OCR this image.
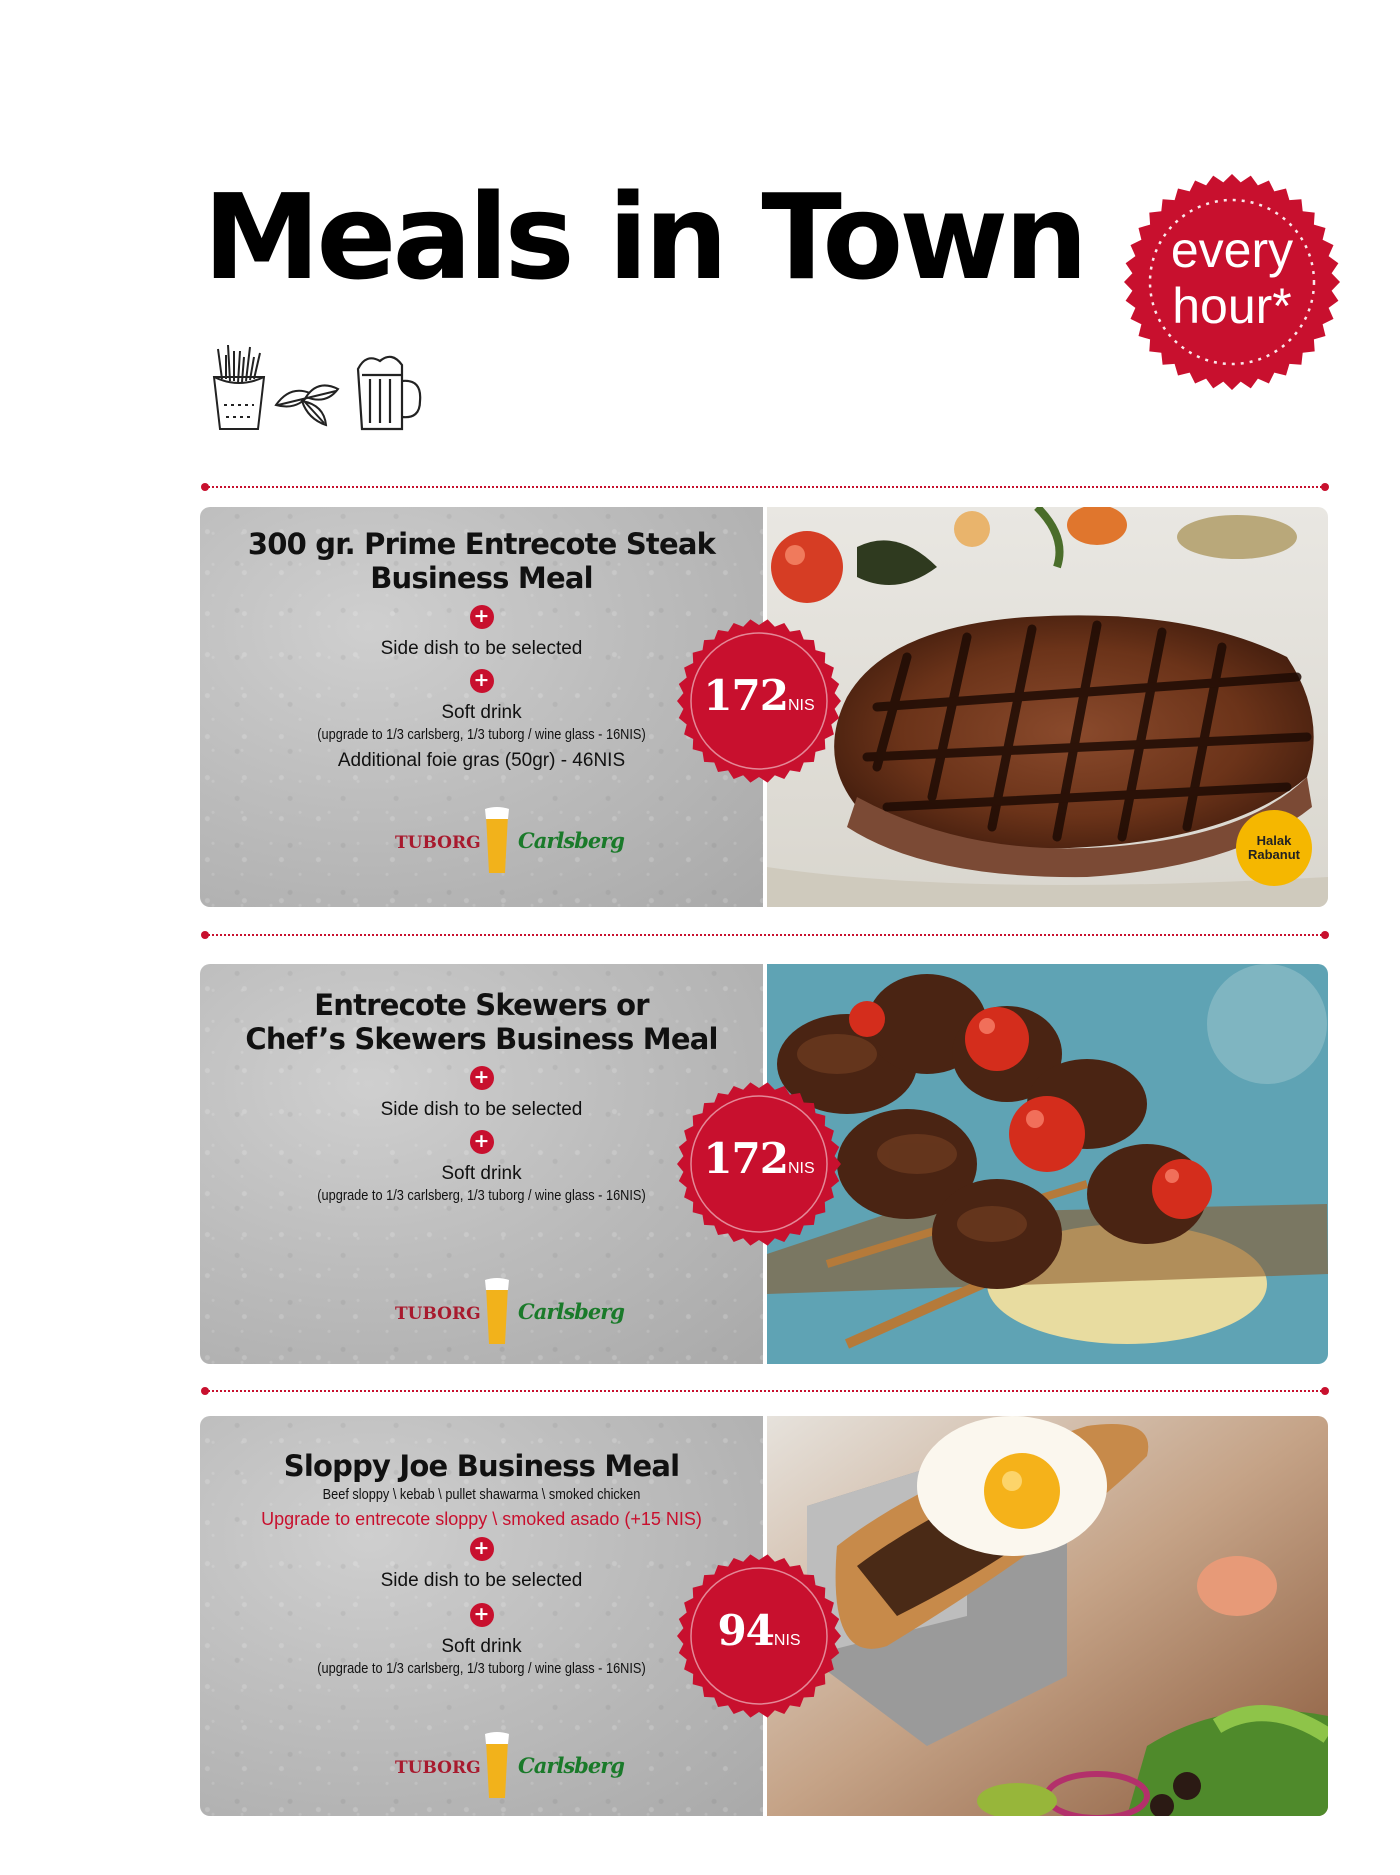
Meals in Town	every
hour*
300 gr. Prime Entrecote Steak
Business Meal
+
Side dish to be selected
+
Soft drink
(upgrade to 1/3 carlsberg, 1/3 tuborg / wine glass - 16NIS)
Additional foie gras (50gr) - 46NIS
TUBORG Carlsberg
Entrecote Skewers or
Chef’s Skewers Business Meal
+
Side dish to be selected
+
Soft drink
(upgrade to 1/3 carlsberg, 1/3 tuborg / wine glass - 16NIS)
TUBORG Carlsberg
Sloppy Joe Business Meal
Beef sloppy \ kebab \ pullet shawarma \ smoked chicken
Upgrade to entrecote sloppy \ smoked asado (+15 NIS)
+
Side dish to be selected
+
Soft drink
(upgrade to 1/3 carlsberg, 1/3 tuborg / wine glass - 16NIS)
TUBORG Carlsberg
172NIS
172NIS
94NIS
Halak
Rabanut
